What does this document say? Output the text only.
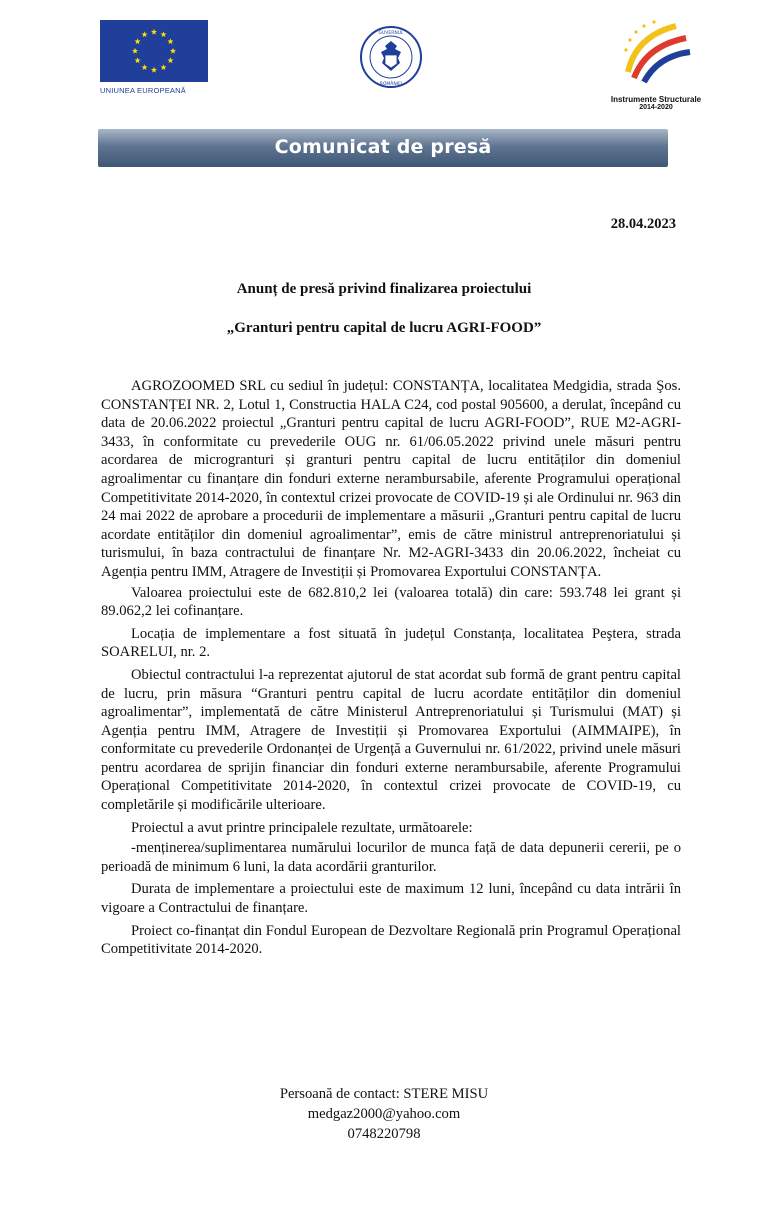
UNIUNEA EUROPEANĂ
GUVERNUL
ROMÂNIEI
Instrumente Structurale
2014-2020
Comunicat de presă
28.04.2023
Anunț de presă privind finalizarea proiectului
„Granturi pentru capital de lucru AGRI-FOOD”

AGROZOOMED SRL cu sediul în județul: CONSTANȚA, localitatea Medgidia, strada Şos. CONSTANȚEI NR. 2, Lotul 1, Constructia HALA C24, cod postal 905600, a derulat, începând cu data de 20.06.2022 proiectul „Granturi pentru capital de lucru AGRI-FOOD”, RUE M2-AGRI-3433, în conformitate cu prevederile OUG nr. 61/06.05.2022 privind unele măsuri pentru acordarea de microgranturi și granturi pentru capital de lucru entităților din domeniul agroalimentar cu finanțare din fonduri externe nerambursabile, aferente Programului operațional Competitivitate 2014-2020, în contextul crizei provocate de COVID-19 și ale Ordinului nr. 963 din 24 mai 2022 de aprobare a procedurii de implementare a măsurii „Granturi pentru capital de lucru acordate entităților din domeniul agroalimentar”, emis de către ministrul antreprenoriatului și turismului, în baza contractului de finanțare Nr. M2-AGRI-3433 din 20.06.2022, încheiat cu Agenția pentru IMM, Atragere de Investiții și Promovarea Exportului CONSTANȚA.

Valoarea proiectului este de 682.810,2 lei (valoarea totală) din care: 593.748 lei grant și 89.062,2 lei cofinanțare.

Locația de implementare a fost situată în județul Constanța, localitatea Peştera, strada SOARELUI, nr. 2.

Obiectul contractului l-a reprezentat ajutorul de stat acordat sub formă de grant pentru capital de lucru, prin măsura “Granturi pentru capital de lucru acordate entităților din domeniul agroalimentar”, implementată de către Ministerul Antreprenoriatului și Turismului (MAT) și Agenția pentru IMM, Atragere de Investiții și Promovarea Exportului (AIMMAIPE), în conformitate cu prevederile Ordonanței de Urgență a Guvernului nr. 61/2022, privind unele măsuri pentru acordarea de sprijin financiar din fonduri externe nerambursabile, aferente Programului Operațional Competitivitate 2014-2020, în contextul crizei provocate de COVID-19, cu completările și modificările ulterioare.

Proiectul a avut printre principalele rezultate, următoarele:

-menținerea/suplimentarea numărului locurilor de munca față de data depunerii cererii, pe o perioadă de minimum 6 luni, la data acordării granturilor.

Durata de implementare a proiectului este de maximum 12 luni, începând cu data intrării în vigoare a Contractului de finanțare.

Proiect co-finanțat din Fondul European de Dezvoltare Regională prin Programul Operațional Competitivitate 2014-2020.

Persoană de contact: STERE MISU
medgaz2000@yahoo.com
0748220798
